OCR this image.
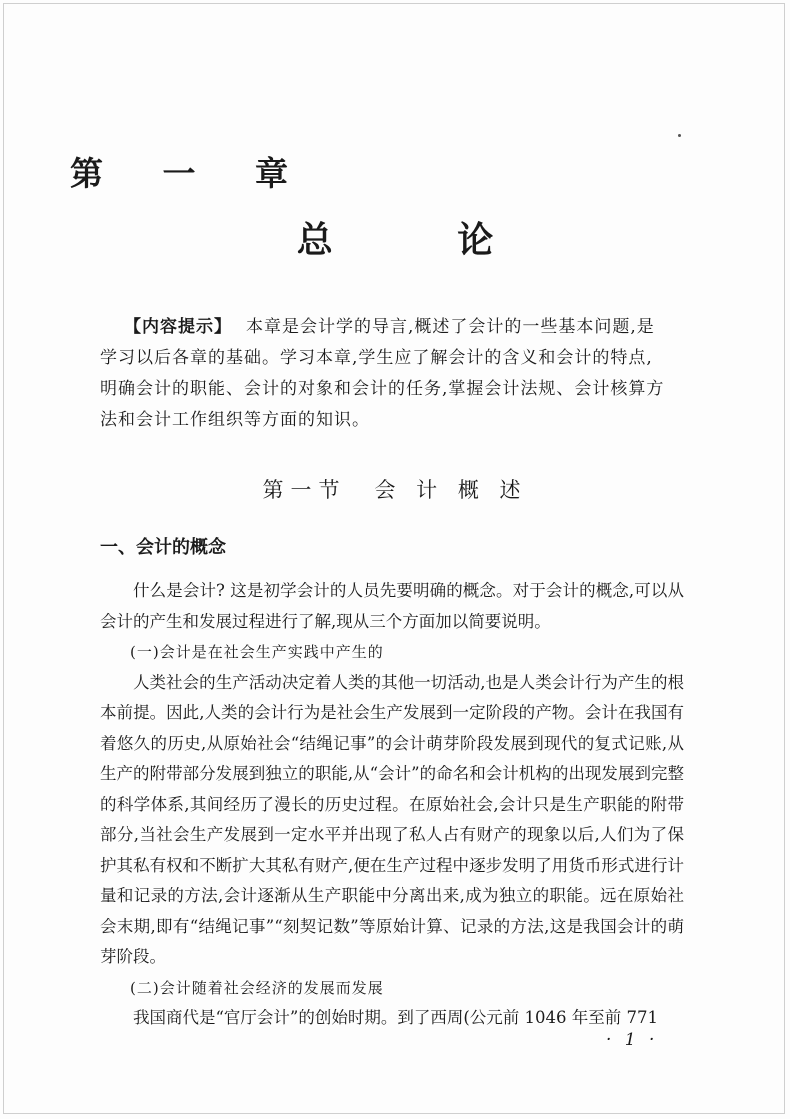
第 一 章
总 论
【内容提示】 本章是会计学的导言,概述了会计的一些基本问题,是学习以后各章的基础。学习本章,学生应了解会计的含义和会计的特点,明确会计的职能、会计的对象和会计的任务,掌握会计法规、会计核算方法和会计工作组织等方面的知识。
第一节 会 计 概 述
一、会计的概念

什么是会计? 这是初学会计的人员先要明确的概念。对于会计的概念,可以从会计的产生和发展过程进行了解,现从三个方面加以简要说明。

(一)会计是在社会生产实践中产生的

人类社会的生产活动决定着人类的其他一切活动,也是人类会计行为产生的根本前提。因此,人类的会计行为是社会生产发展到一定阶段的产物。会计在我国有着悠久的历史,从原始社会“结绳记事”的会计萌芽阶段发展到现代的复式记账,从生产的附带部分发展到独立的职能,从“会计”的命名和会计机构的出现发展到完整的科学体系,其间经历了漫长的历史过程。在原始社会,会计只是生产职能的附带部分,当社会生产发展到一定水平并出现了私人占有财产的现象以后,人们为了保护其私有权和不断扩大其私有财产,便在生产过程中逐步发明了用货币形式进行计量和记录的方法,会计逐渐从生产职能中分离出来,成为独立的职能。远在原始社会末期,即有“结绳记事”“刻契记数”等原始计算、记录的方法,这是我国会计的萌芽阶段。

(二)会计随着社会经济的发展而发展

我国商代是“官厅会计”的创始时期。到了西周(公元前 1046 年至前 771

· 1 ·
